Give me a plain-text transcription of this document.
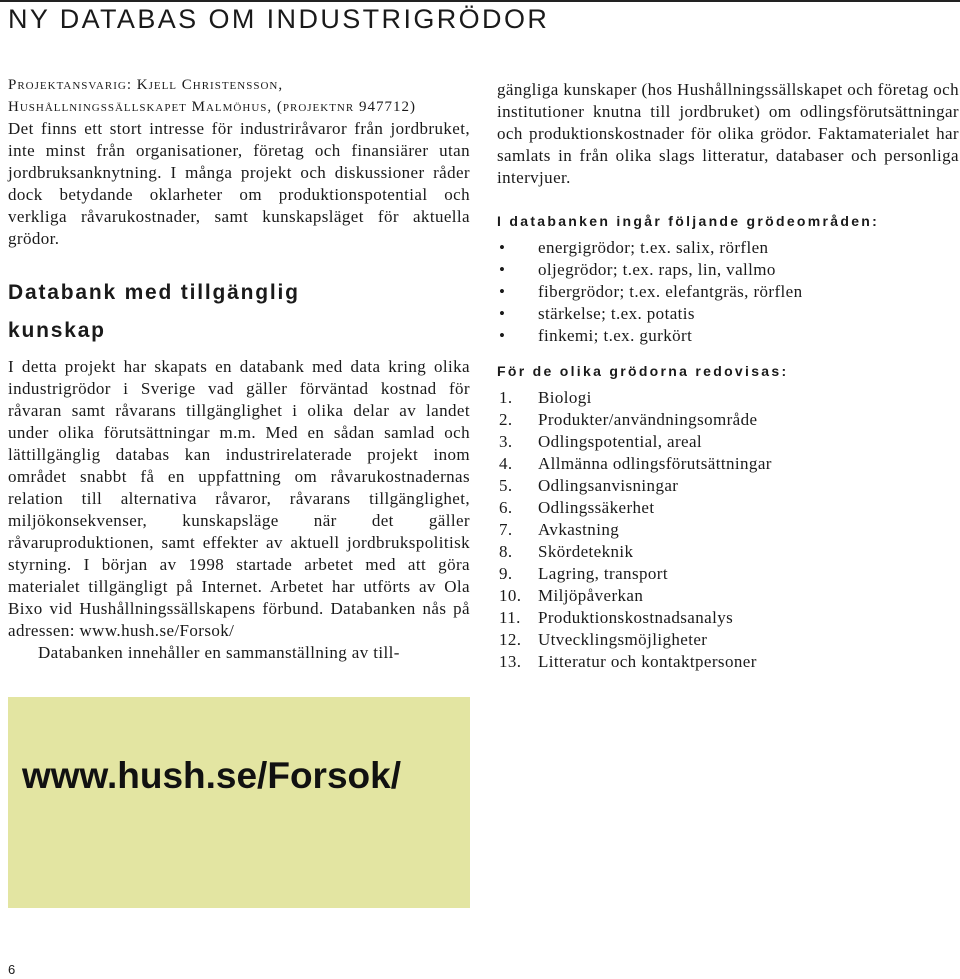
NY DATABAS OM INDUSTRIGRÖDOR
Projektansvarig: Kjell Christensson,
Hushållningssällskapet Malmöhus, (projektnr 947712)

Det finns ett stort intresse för industriråvaror från jordbruket, inte minst från organisationer, företag och finansiärer utan jordbruksanknytning. I många projekt och diskussioner råder dock betydande oklarheter om produktionspotential och verkliga råvarukostnader, samt kunskapsläget för aktuella grödor.

Databank med tillgänglig
kunskap

I detta projekt har skapats en databank med data kring olika industrigrödor i Sverige vad gäller förväntad kostnad för råvaran samt råvarans tillgänglighet i olika delar av landet under olika förutsättningar m.m. Med en sådan samlad och lättillgänglig databas kan industrirelaterade projekt inom området snabbt få en uppfattning om råvarukostnadernas relation till alternativa råvaror, råvarans tillgänglighet, miljökonsekvenser, kunskapsläge när det gäller råvaruproduktionen, samt effekter av aktuell jordbrukspolitisk styrning. I början av 1998 startade arbetet med att göra materialet tillgängligt på Internet. Arbetet har utförts av Ola Bixo vid Hushållningssällskapens förbund. Databanken nås på adressen: www.hush.se/Forsok/

Databanken innehåller en sammanställning av till-

www.hush.se/Forsok/

gängliga kunskaper (hos Hushållningssällskapet och företag och institutioner knutna till jordbruket) om odlingsförutsättningar och produktionskostnader för olika grödor. Faktamaterialet har samlats in från olika slags litteratur, databaser och personliga intervjuer.

I databanken ingår följande grödeområden:
• energigrödor; t.ex. salix, rörflen
• oljegrödor; t.ex. raps, lin, vallmo
• fibergrödor; t.ex. elefantgräs, rörflen
• stärkelse; t.ex. potatis
• finkemi; t.ex. gurkört
För de olika grödorna redovisas:
1. Biologi
2. Produkter/användningsområde
3. Odlingspotential, areal
4. Allmänna odlingsförutsättningar
5. Odlingsanvisningar
6. Odlingssäkerhet
7. Avkastning
8. Skördeteknik
9. Lagring, transport
10. Miljöpåverkan
11. Produktionskostnadsanalys
12. Utvecklingsmöjligheter
13. Litteratur och kontaktpersoner
6
